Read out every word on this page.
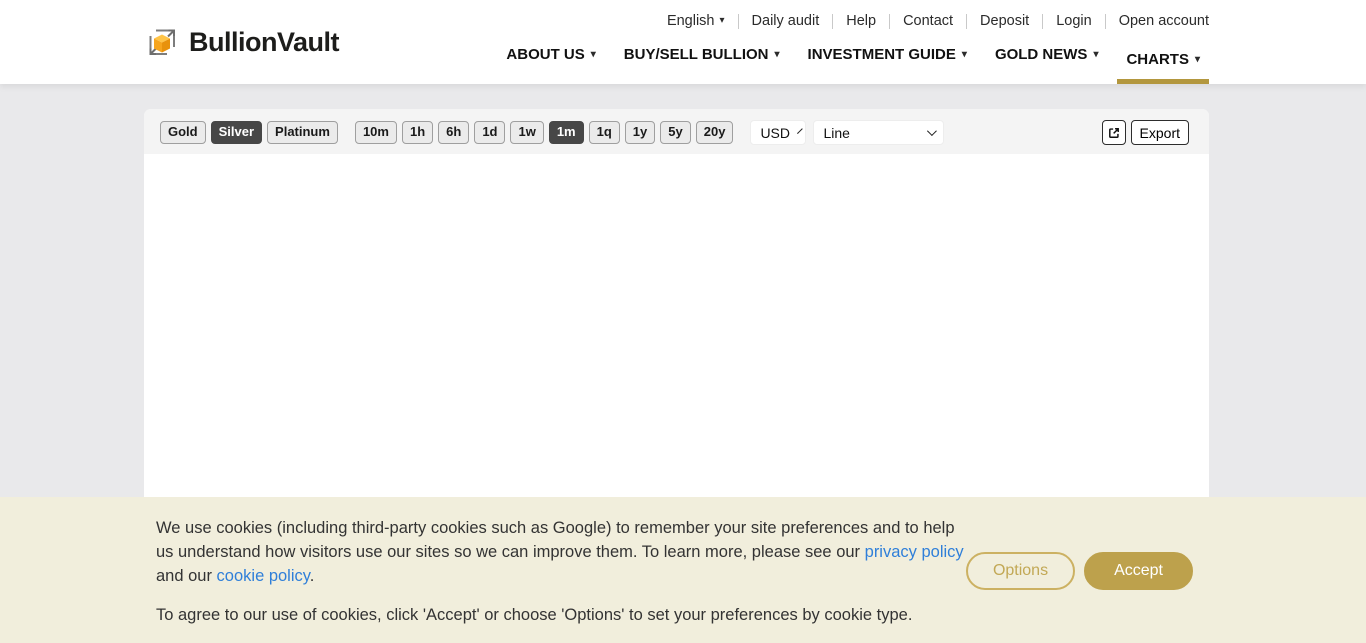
BullionVault
English ▾ Daily audit Help Contact Deposit Login Open account
ABOUT US ▾ BUY/SELL BULLION ▾ INVESTMENT GUIDE ▾ GOLD NEWS ▾ CHARTS ▾
Gold	Silver	Platinum	10m	1h	6h	1d	1w	1m	1q	1y	5y	20y	USD Line	Export

We use cookies (including third-party cookies such as Google) to remember your site preferences and to help us understand how visitors use our sites so we can improve them. To learn more, please see our privacy policy and our cookie policy.

To agree to our use of cookies, click 'Accept' or choose 'Options' to set your preferences by cookie type.

Options	Accept
